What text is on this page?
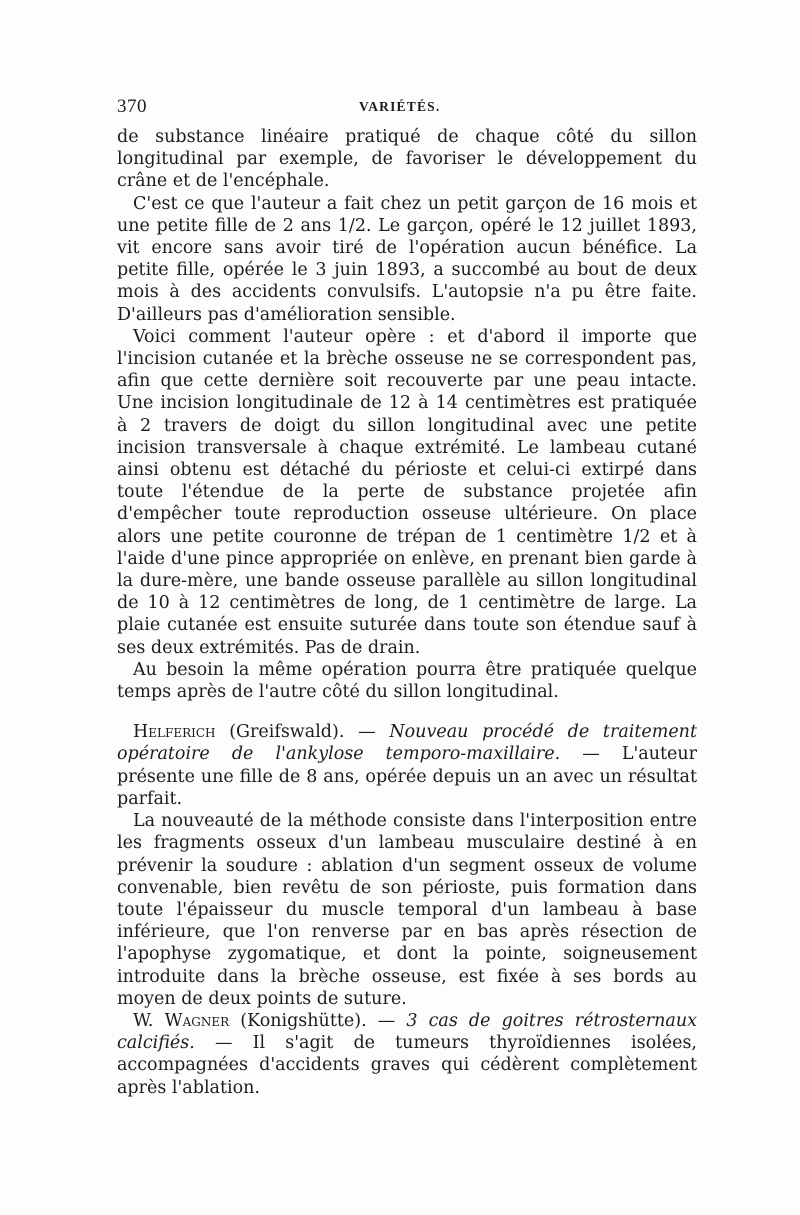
370	VARIÉTÉS.

de substance linéaire pratiqué de chaque côté du sillon longitudinal par exemple, de favoriser le développement du crâne et de l'encéphale.

C'est ce que l'auteur a fait chez un petit garçon de 16 mois et une petite fille de 2 ans 1/2. Le garçon, opéré le 12 juillet 1893, vit encore sans avoir tiré de l'opération aucun bénéfice. La petite fille, opérée le 3 juin 1893, a succombé au bout de deux mois à des accidents convulsifs. L'autopsie n'a pu être faite. D'ailleurs pas d'amélioration sensible.

Voici comment l'auteur opère : et d'abord il importe que l'incision cutanée et la brèche osseuse ne se correspondent pas, afin que cette dernière soit recouverte par une peau intacte. Une incision longitudinale de 12 à 14 centimètres est pratiquée à 2 travers de doigt du sillon longitudinal avec une petite incision transversale à chaque extrémité. Le lambeau cutané ainsi obtenu est détaché du périoste et celui-ci extirpé dans toute l'étendue de la perte de substance projetée afin d'empêcher toute reproduction osseuse ultérieure. On place alors une petite couronne de trépan de 1 centimètre 1/2 et à l'aide d'une pince appropriée on enlève, en prenant bien garde à la dure-mère, une bande osseuse parallèle au sillon longitudinal de 10 à 12 centimètres de long, de 1 centimètre de large. La plaie cutanée est ensuite suturée dans toute son étendue sauf à ses deux extrémités. Pas de drain.

Au besoin la même opération pourra être pratiquée quelque temps après de l'autre côté du sillon longitudinal.

Helferich (Greifswald). — Nouveau procédé de traitement opératoire de l'ankylose temporo-maxillaire. — L'auteur présente une fille de 8 ans, opérée depuis un an avec un résultat parfait.

La nouveauté de la méthode consiste dans l'interposition entre les fragments osseux d'un lambeau musculaire destiné à en prévenir la soudure : ablation d'un segment osseux de volume convenable, bien revêtu de son périoste, puis formation dans toute l'épaisseur du muscle temporal d'un lambeau à base inférieure, que l'on renverse par en bas après résection de l'apophyse zygomatique, et dont la pointe, soigneusement introduite dans la brèche osseuse, est fixée à ses bords au moyen de deux points de suture.

W. Wagner (Konigshütte). — 3 cas de goitres rétrosternaux calcifiés. — Il s'agit de tumeurs thyroïdiennes isolées, accompagnées d'accidents graves qui cédèrent complètement après l'ablation.
